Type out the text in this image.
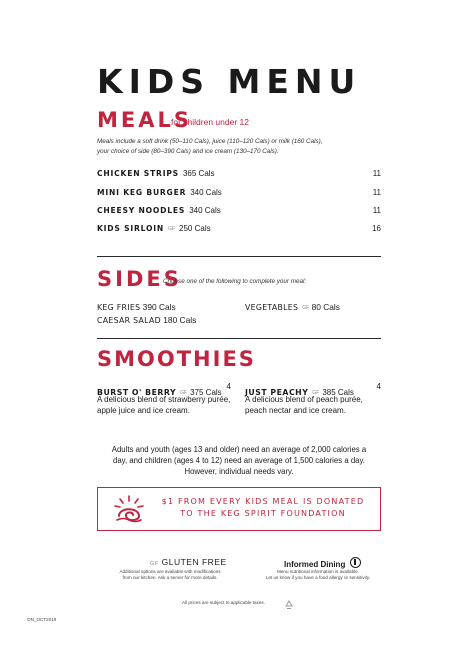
KIDS MENU
MEALS
for children under 12
Meals include a soft drink (50–110 Cals), juice (110–120 Cals) or milk (160 Cals),
your choice of side (80–390 Cals) and ice cream (130–170 Cals).
CHICKEN STRIPS 365 Cals	11
MINI KEG BURGER 340 Cals	11
CHEESY NOODLES 340 Cals	11
KIDS SIRLOIN GF 250 Cals	16
SIDES
Choose one of the following to complete your meal:
KEG FRIES 390 Cals
CAESAR SALAD 180 Cals
VEGETABLES GF 80 Cals
SMOOTHIES
BURST O' BERRY GF 375 Cals
4
A delicious blend of strawberry purée,
apple juice and ice cream.
JUST PEACHY GF 385 Cals
4
A delicious blend of peach purée,
peach nectar and ice cream.
Adults and youth (ages 13 and older) need an average of 2,000 calories a
day, and children (ages 4 to 12) need an average of 1,500 calories a day.
However, individual needs vary.
$1 FROM EVERY KIDS MEAL IS DONATED
TO THE KEG SPIRIT FOUNDATION
GF GLUTEN FREE
Additional options are available with modifications
from our kitchen. Ask a server for more details.
Informed Dining
Menu nutritional information is available.
Let us know if you have a food allergy or sensitivity.
All prices are subject to applicable taxes.
ON_OCT2019
